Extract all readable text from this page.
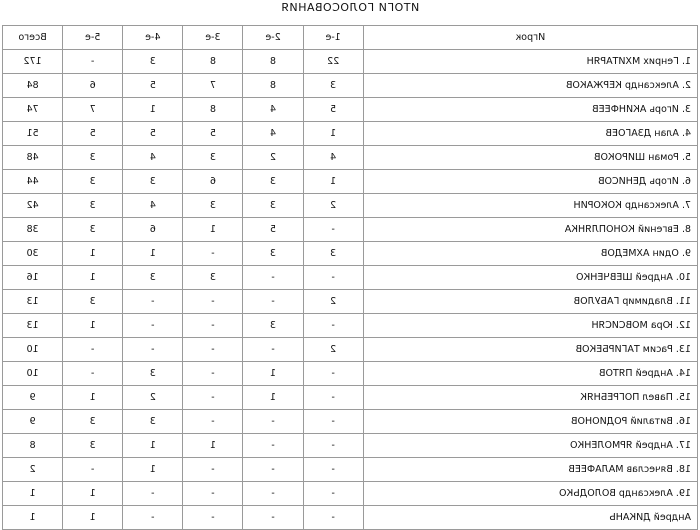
ИТОГИ ГОЛОСОВАНИЯ
Игрок	1-е	2-е	3-е	4-е	5-е	Всего
1. Генрих МХИТАРЯН	22	8	8	3	-	172
2. Александр КЕРЖАКОВ	3	8	7	5	6	84
3. Игорь АКИНФЕЕВ	5	4	8	1	7	74
4. Алан ДЗАГОЕВ	1	4	5	5	5	51
5. Роман ШИРОКОВ	4	2	3	4	3	48
6. Игорь ДЕНИСОВ	1	3	6	3	3	44
7. Александр КОКОРИН	2	3	3	4	3	42
8. Евгений КОНОПЛЯНКА	-	5	1	6	3	38
9. Один АХМЕДОВ	3	3	-	1	1	30
10. Андрей ШЕВЧЕНКО	-	-	3	3	1	16
11. Владимир ГАБУЛОВ	2	-	-	-	3	13
12. Юра МОВСИСЯН	-	3	-	-	1	13
13. Расим ТАГИРБЕКОВ	2	-	-	-	-	10
14. Андрей ПЯТОВ	-	1	-	3	-	10
15. Павел ПОГРЕБНЯК	-	1	-	2	1	9
16. Виталий РОДИОНОВ	-	-	-	3	3	9
17. Андрей ЯРМОЛЕНКО	-	-	1	1	3	8
18. Вячеслав МАЛАФЕЕВ	-	-	-	1	-	2
19. Александр ВОЛОДЬКО	-	-	-	-	1	1
Андрей ДИКАНЬ	-	-	-	-	1	1
